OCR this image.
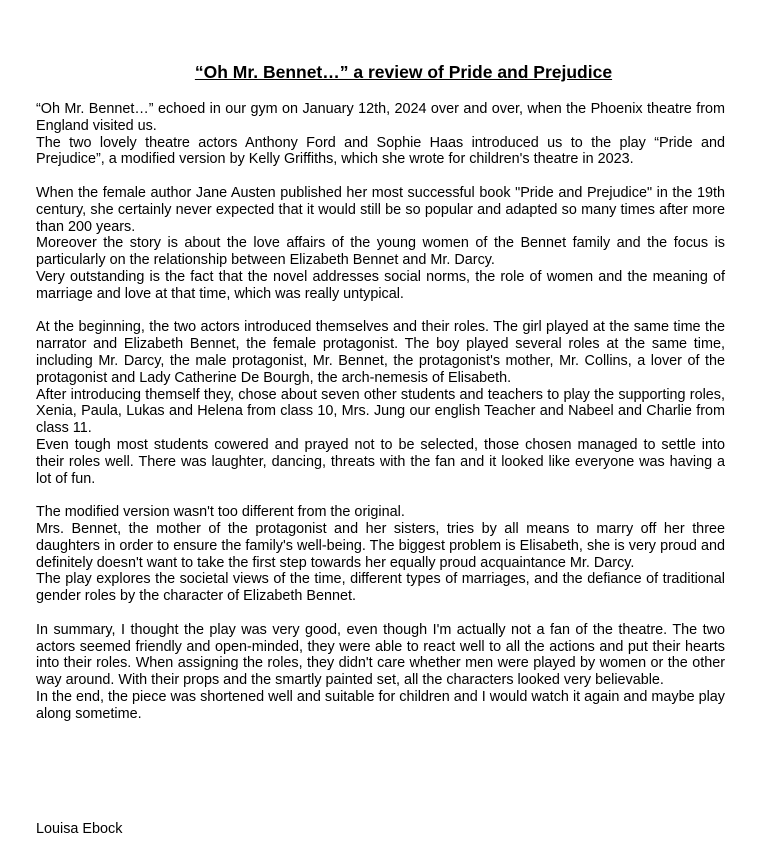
“Oh Mr. Bennet…” a review of Pride and Prejudice
“Oh Mr. Bennet…” echoed in our gym on January 12th, 2024 over and over, when the Phoenix theatre from England visited us.
The two lovely theatre actors Anthony Ford and Sophie Haas introduced us to the play “Pride and Prejudice”, a modified version by Kelly Griffiths, which she wrote for children's theatre in 2023.
When the female author Jane Austen published her most successful book "Pride and Prejudice" in the 19th century, she certainly never expected that it would still be so popular and adapted so many times after more than 200 years.
Moreover the story is about the love affairs of the young women of the Bennet family and the focus is particularly on the relationship between Elizabeth Bennet and Mr. Darcy.
Very outstanding is the fact that the novel addresses social norms, the role of women and the meaning of marriage and love at that time, which was really untypical.
At the beginning, the two actors introduced themselves and their roles. The girl played at the same time the narrator and Elizabeth Bennet, the female protagonist. The boy played several roles at the same time, including Mr. Darcy, the male protagonist, Mr. Bennet, the protagonist's mother, Mr. Collins, a lover of the protagonist and Lady Catherine De Bourgh, the arch-nemesis of Elisabeth.
After introducing themself they, chose about seven other students and teachers to play the supporting roles, Xenia, Paula, Lukas and Helena from class 10, Mrs. Jung our english Teacher and Nabeel and Charlie from class 11.
Even tough most students cowered and prayed not to be selected, those chosen managed to settle into their roles well. There was laughter, dancing, threats with the fan and it looked like everyone was having a lot of fun.
The modified version wasn't too different from the original.
Mrs. Bennet, the mother of the protagonist and her sisters, tries by all means to marry off her three daughters in order to ensure the family's well-being. The biggest problem is Elisabeth, she is very proud and definitely doesn't want to take the first step towards her equally proud acquaintance Mr. Darcy.
The play explores the societal views of the time, different types of marriages, and the defiance of traditional gender roles by the character of Elizabeth Bennet.
In summary, I thought the play was very good, even though I'm actually not a fan of the theatre. The two actors seemed friendly and open-minded, they were able to react well to all the actions and put their hearts into their roles. When assigning the roles, they didn't care whether men were played by women or the other way around. With their props and the smartly painted set, all the characters looked very believable.
In the end, the piece was shortened well and suitable for children and I would watch it again and maybe play along sometime.

Louisa Ebock
